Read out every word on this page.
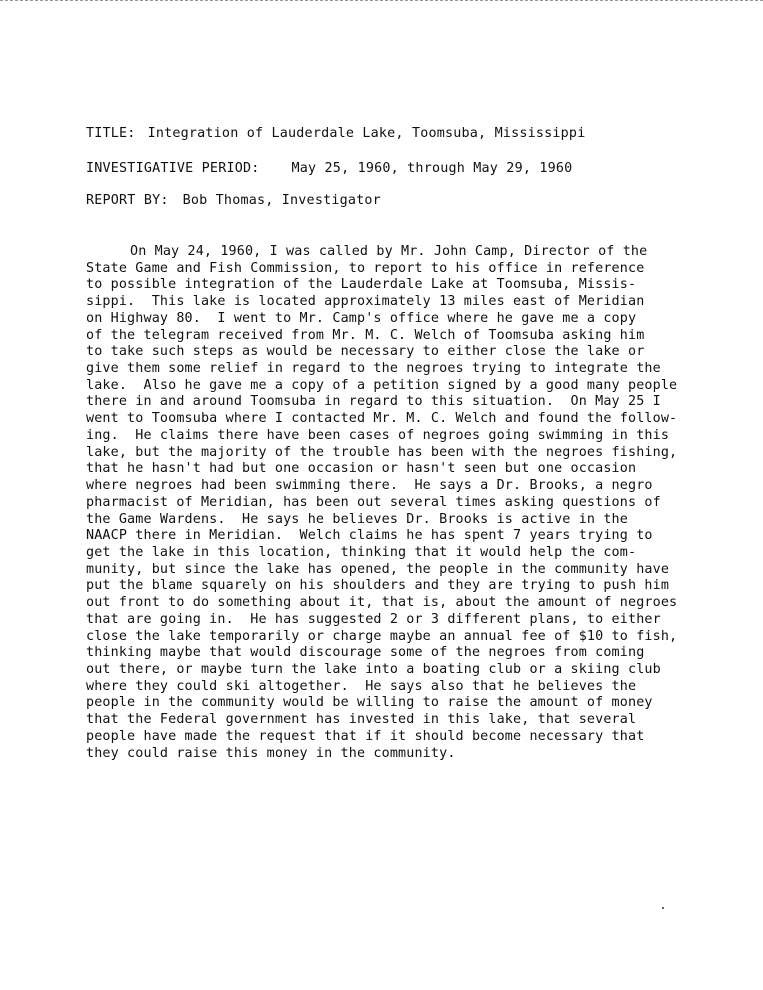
TITLE: Integration of Lauderdale Lake, Toomsuba, Mississippi
INVESTIGATIVE PERIOD: May 25, 1960, through May 29, 1960
REPORT BY: Bob Thomas, Investigator
On May 24, 1960, I was called by Mr. John Camp, Director of the
State Game and Fish Commission, to report to his office in reference
to possible integration of the Lauderdale Lake at Toomsuba, Missis-
sippi.  This lake is located approximately 13 miles east of Meridian
on Highway 80.  I went to Mr. Camp's office where he gave me a copy
of the telegram received from Mr. M. C. Welch of Toomsuba asking him
to take such steps as would be necessary to either close the lake or
give them some relief in regard to the negroes trying to integrate the
lake.  Also he gave me a copy of a petition signed by a good many people
there in and around Toomsuba in regard to this situation.  On May 25 I
went to Toomsuba where I contacted Mr. M. C. Welch and found the follow-
ing.  He claims there have been cases of negroes going swimming in this
lake, but the majority of the trouble has been with the negroes fishing,
that he hasn't had but one occasion or hasn't seen but one occasion
where negroes had been swimming there.  He says a Dr. Brooks, a negro
pharmacist of Meridian, has been out several times asking questions of
the Game Wardens.  He says he believes Dr. Brooks is active in the
NAACP there in Meridian.  Welch claims he has spent 7 years trying to
get the lake in this location, thinking that it would help the com-
munity, but since the lake has opened, the people in the community have
put the blame squarely on his shoulders and they are trying to push him
out front to do something about it, that is, about the amount of negroes
that are going in.  He has suggested 2 or 3 different plans, to either
close the lake temporarily or charge maybe an annual fee of $10 to fish,
thinking maybe that would discourage some of the negroes from coming
out there, or maybe turn the lake into a boating club or a skiing club
where they could ski altogether.  He says also that he believes the
people in the community would be willing to raise the amount of money
that the Federal government has invested in this lake, that several
people have made the request that if it should become necessary that
they could raise this money in the community.
